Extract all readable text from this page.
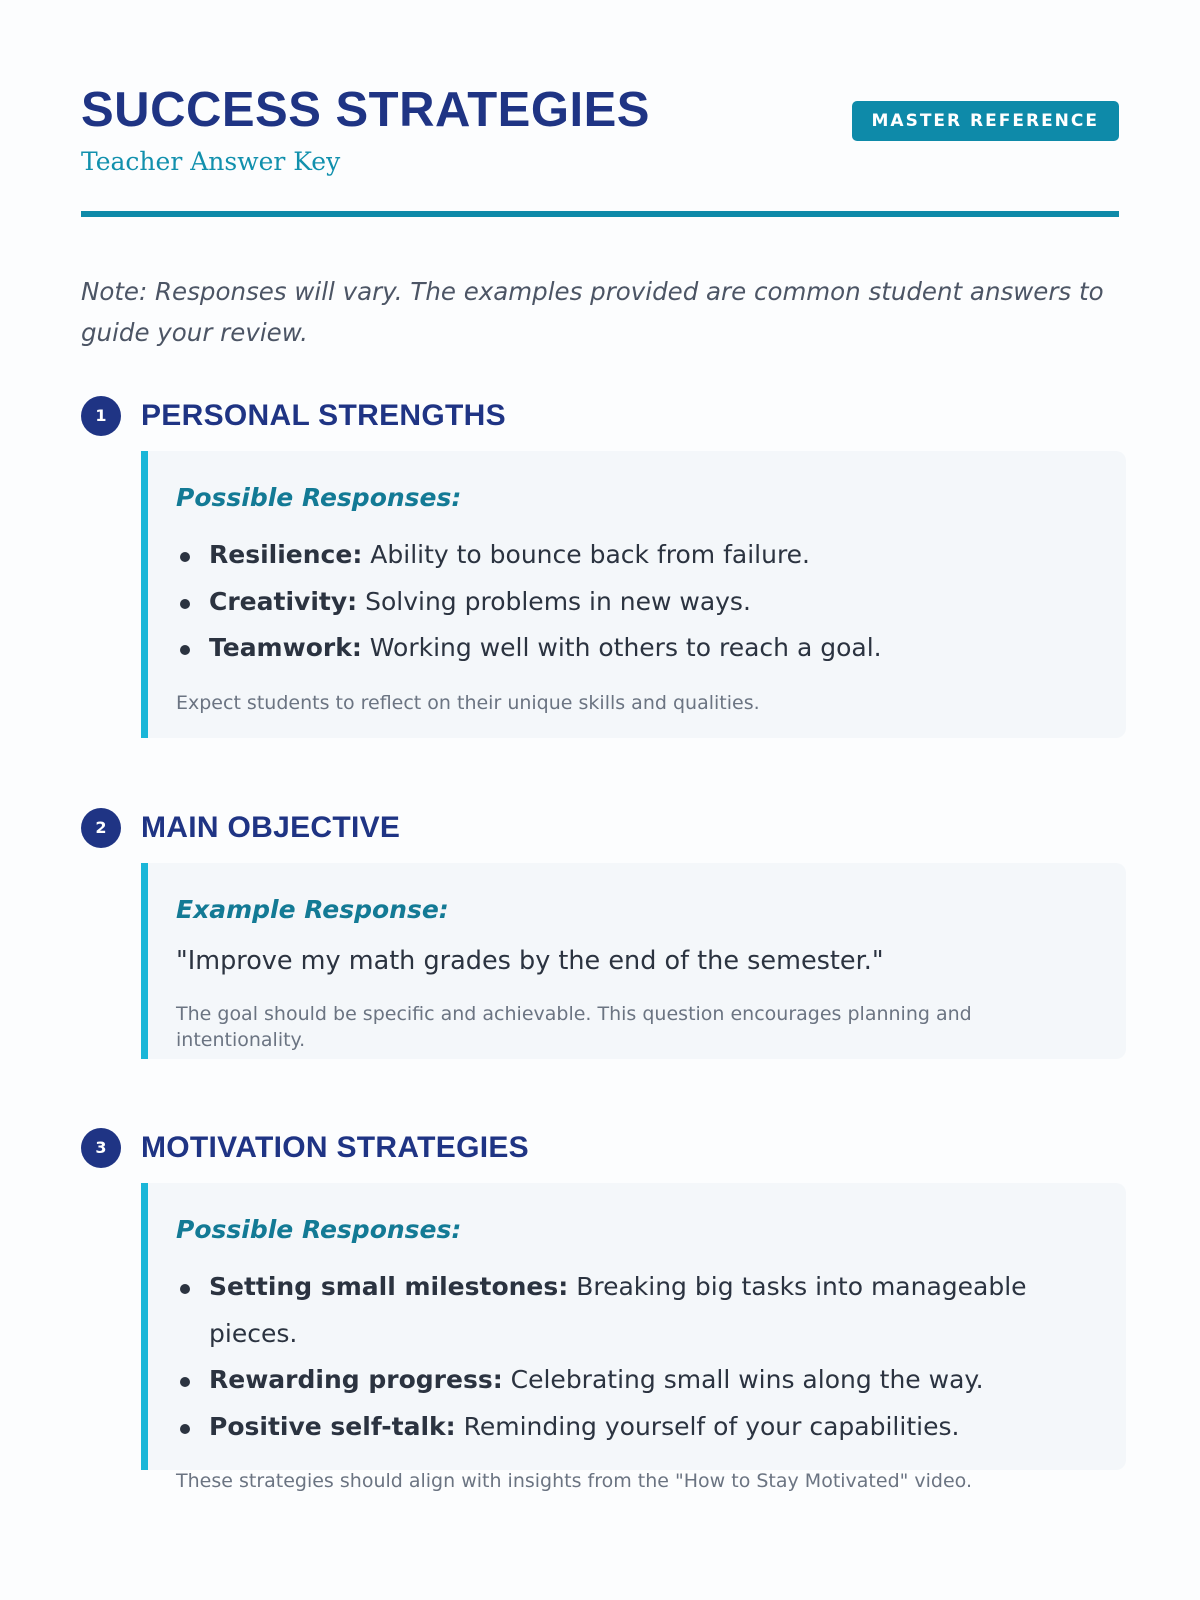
SUCCESS STRATEGIES
Teacher Answer Key
MASTER REFERENCE
Note: Responses will vary. The examples provided are common student answers to guide your review.
1	PERSONAL STRENGTHS
Possible Responses:
Resilience: Ability to bounce back from failure.
Creativity: Solving problems in new ways.
Teamwork: Working well with others to reach a goal.
Expect students to reflect on their unique skills and qualities.
2	MAIN OBJECTIVE
Example Response:
"Improve my math grades by the end of the semester."
The goal should be specific and achievable. This question encourages planning and intentionality.
3	MOTIVATION STRATEGIES
Possible Responses:
Setting small milestones: Breaking big tasks into manageable pieces.
Rewarding progress: Celebrating small wins along the way.
Positive self-talk: Reminding yourself of your capabilities.
These strategies should align with insights from the "How to Stay Motivated" video.
